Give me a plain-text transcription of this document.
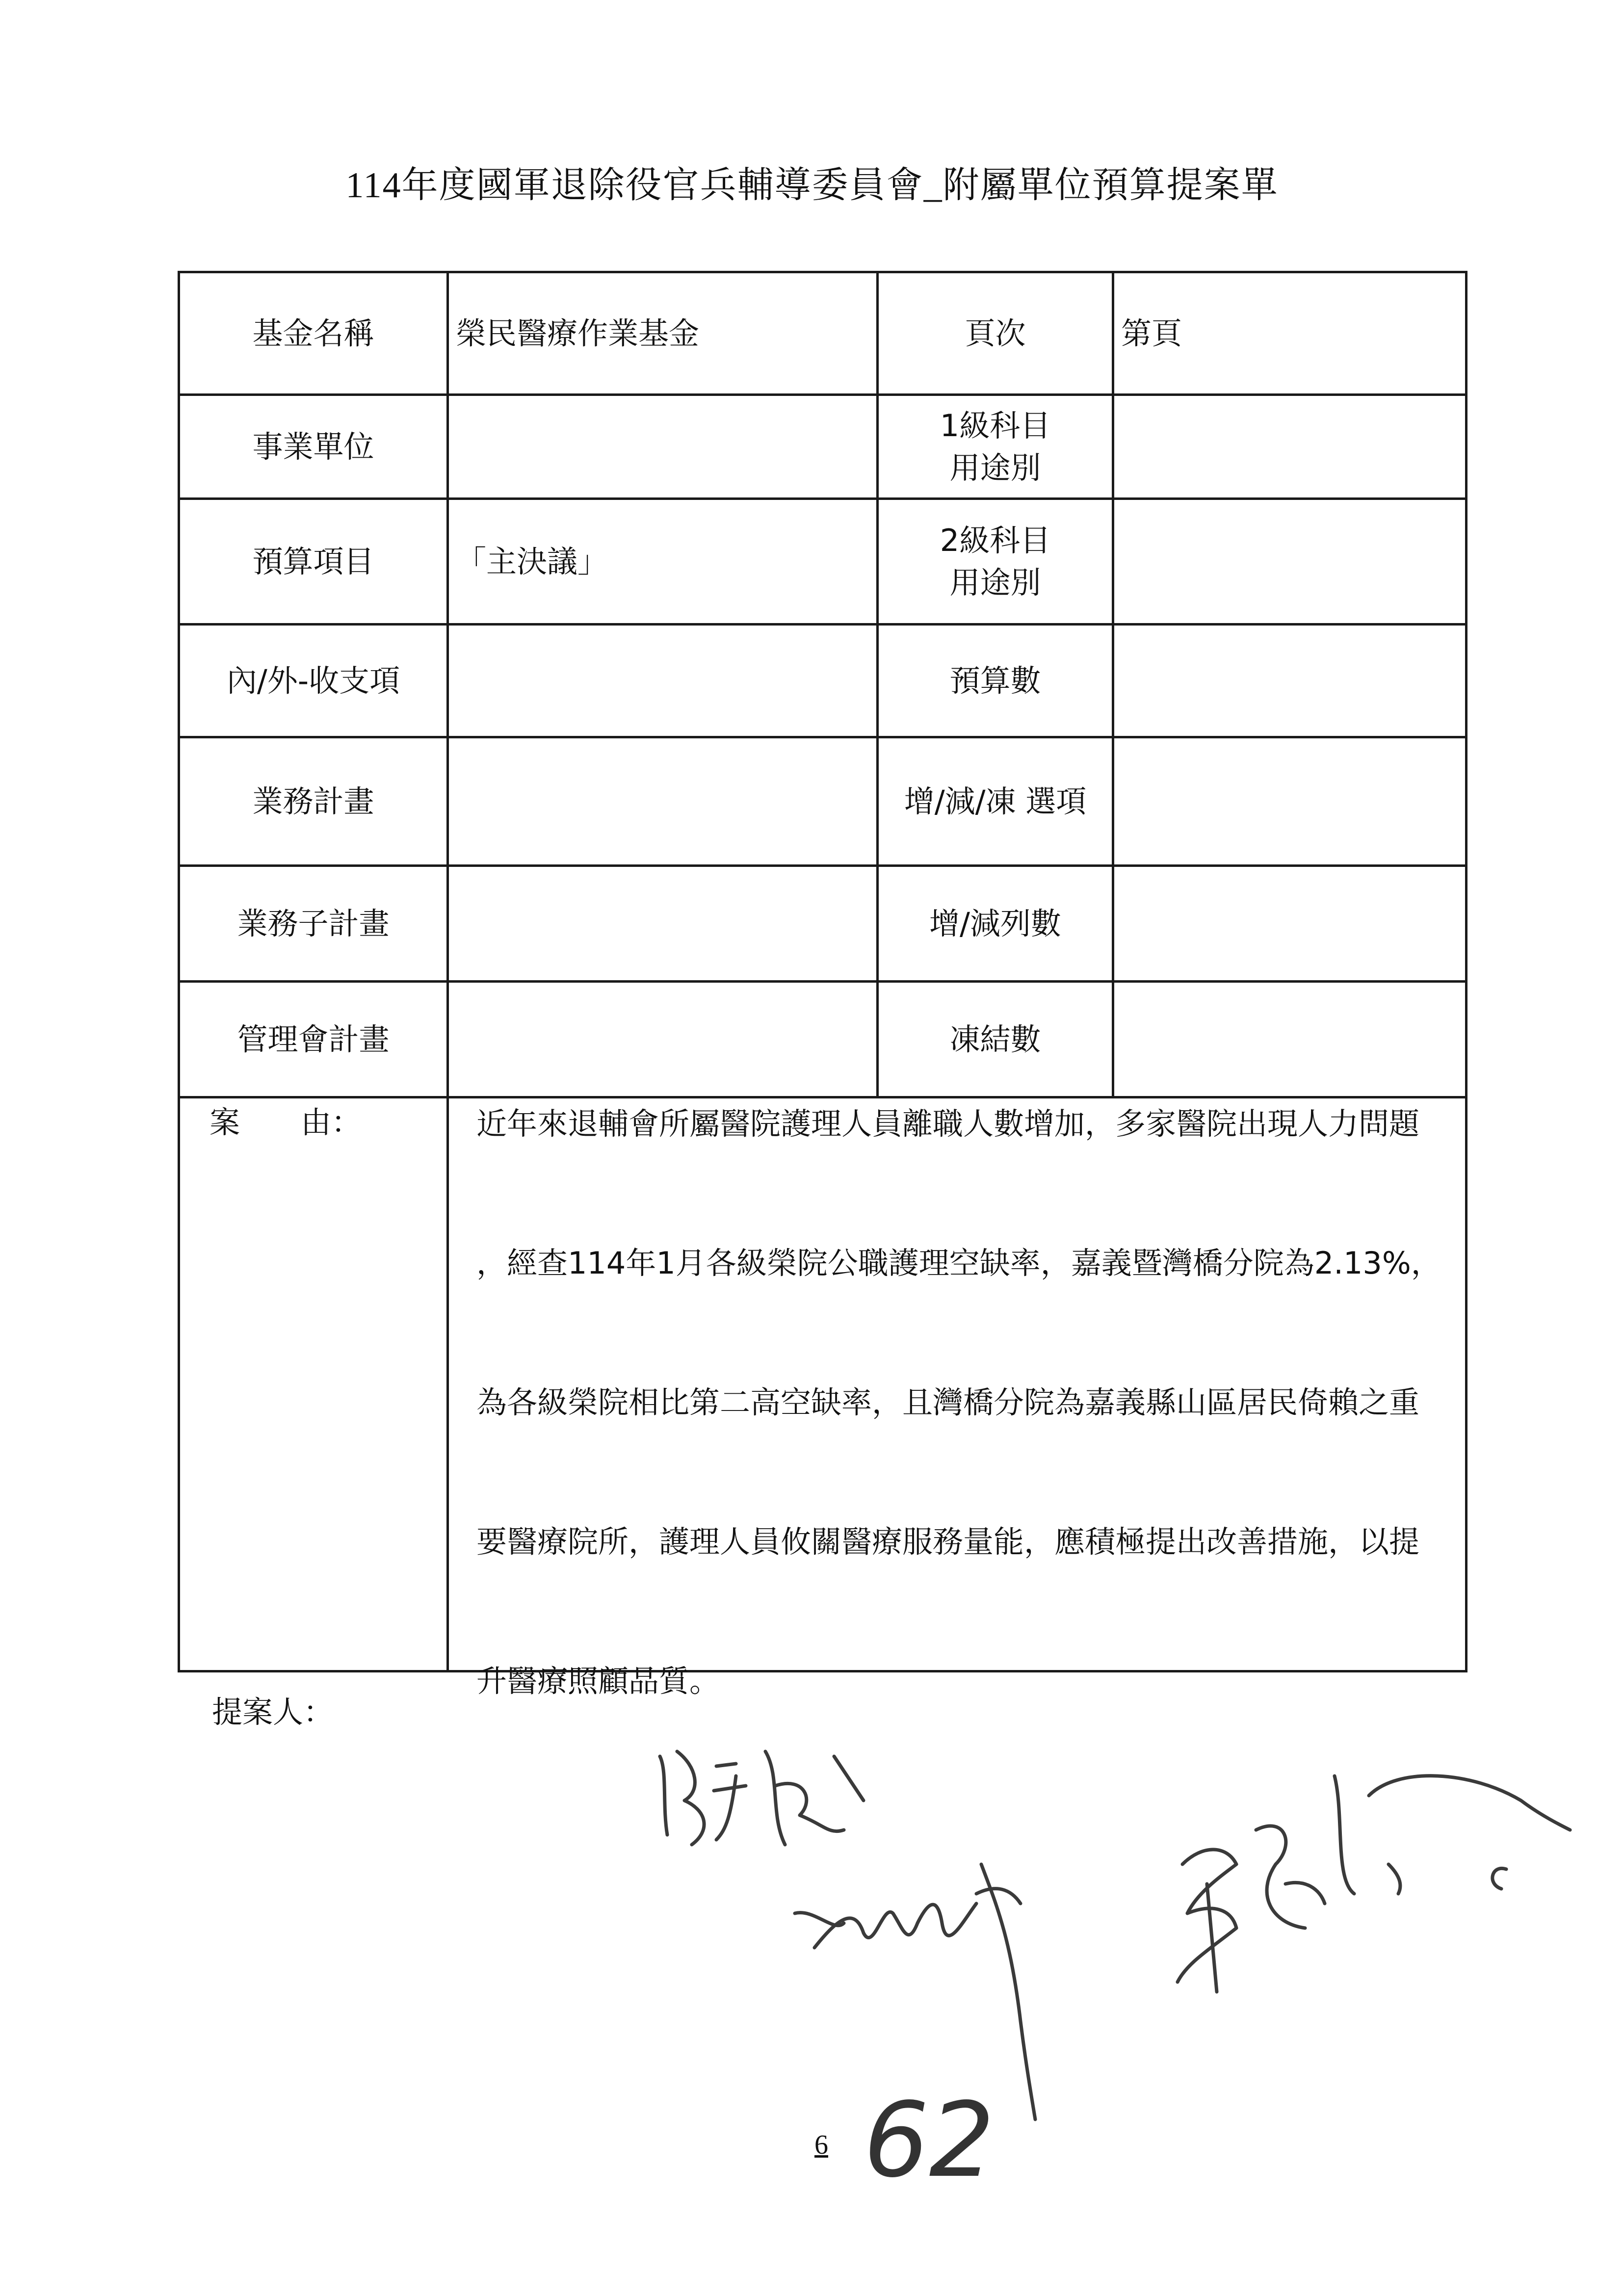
114年度國軍退除役官兵輔導委員會_附屬單位預算提案單
基金名稱	榮民醫療作業基金	頁次	第頁
事業單位		1級科目
用途別	

預算項目	「主決議」	2級科目
用途別	

內/外-收支項		預算數	
業務計畫		增/減/凍 選項	
業務子計畫		增/減列數	
管理會計畫		凍結數	
案　　由：	近年來退輔會所屬醫院護理人員離職人數增加，多家醫院出現人力問題
，經查114年1月各級榮院公職護理空缺率，嘉義暨灣橋分院為2.13%，
為各級榮院相比第二高空缺率，且灣橋分院為嘉義縣山區居民倚賴之重
要醫療院所，護理人員攸關醫療服務量能，應積極提出改善措施，以提
升醫療照顧品質。		
提案人：
6 62
